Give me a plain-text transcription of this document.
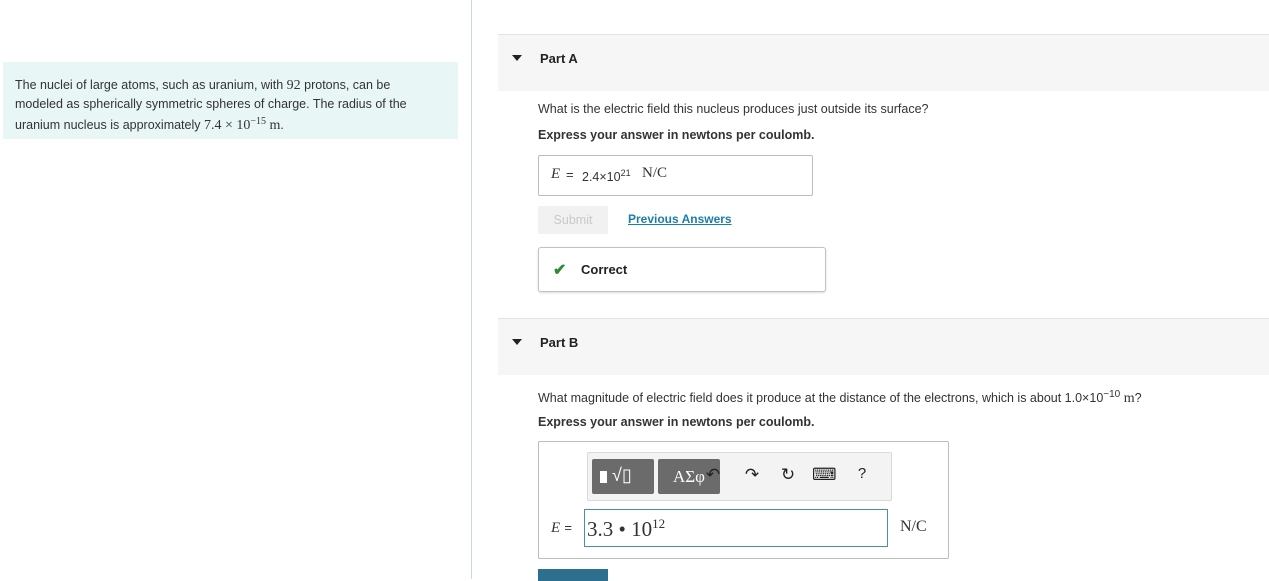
The nuclei of large atoms, such as uranium, with 92 protons, can be
modeled as spherically symmetric spheres of charge. The radius of the
uranium nucleus is approximately $7.4 \times 10^{-15}$ m.
Part A
What is the electric field this nucleus produces just outside its surface?
Express your answer in newtons per coulomb.
$E = 2.4\times 10^{21}$ N/C
Submit	Previous Answers
✔ Correct
Part B
What magnitude of electric field does it produce at the distance of the electrons, which is about $1.0\times 10^{-10}$ m?
Express your answer in newtons per coulomb.
√▯	ΑΣφ ↶ ↷ ↻ ⌨	?
E = 3.3 • $10^{12}$	N/C
